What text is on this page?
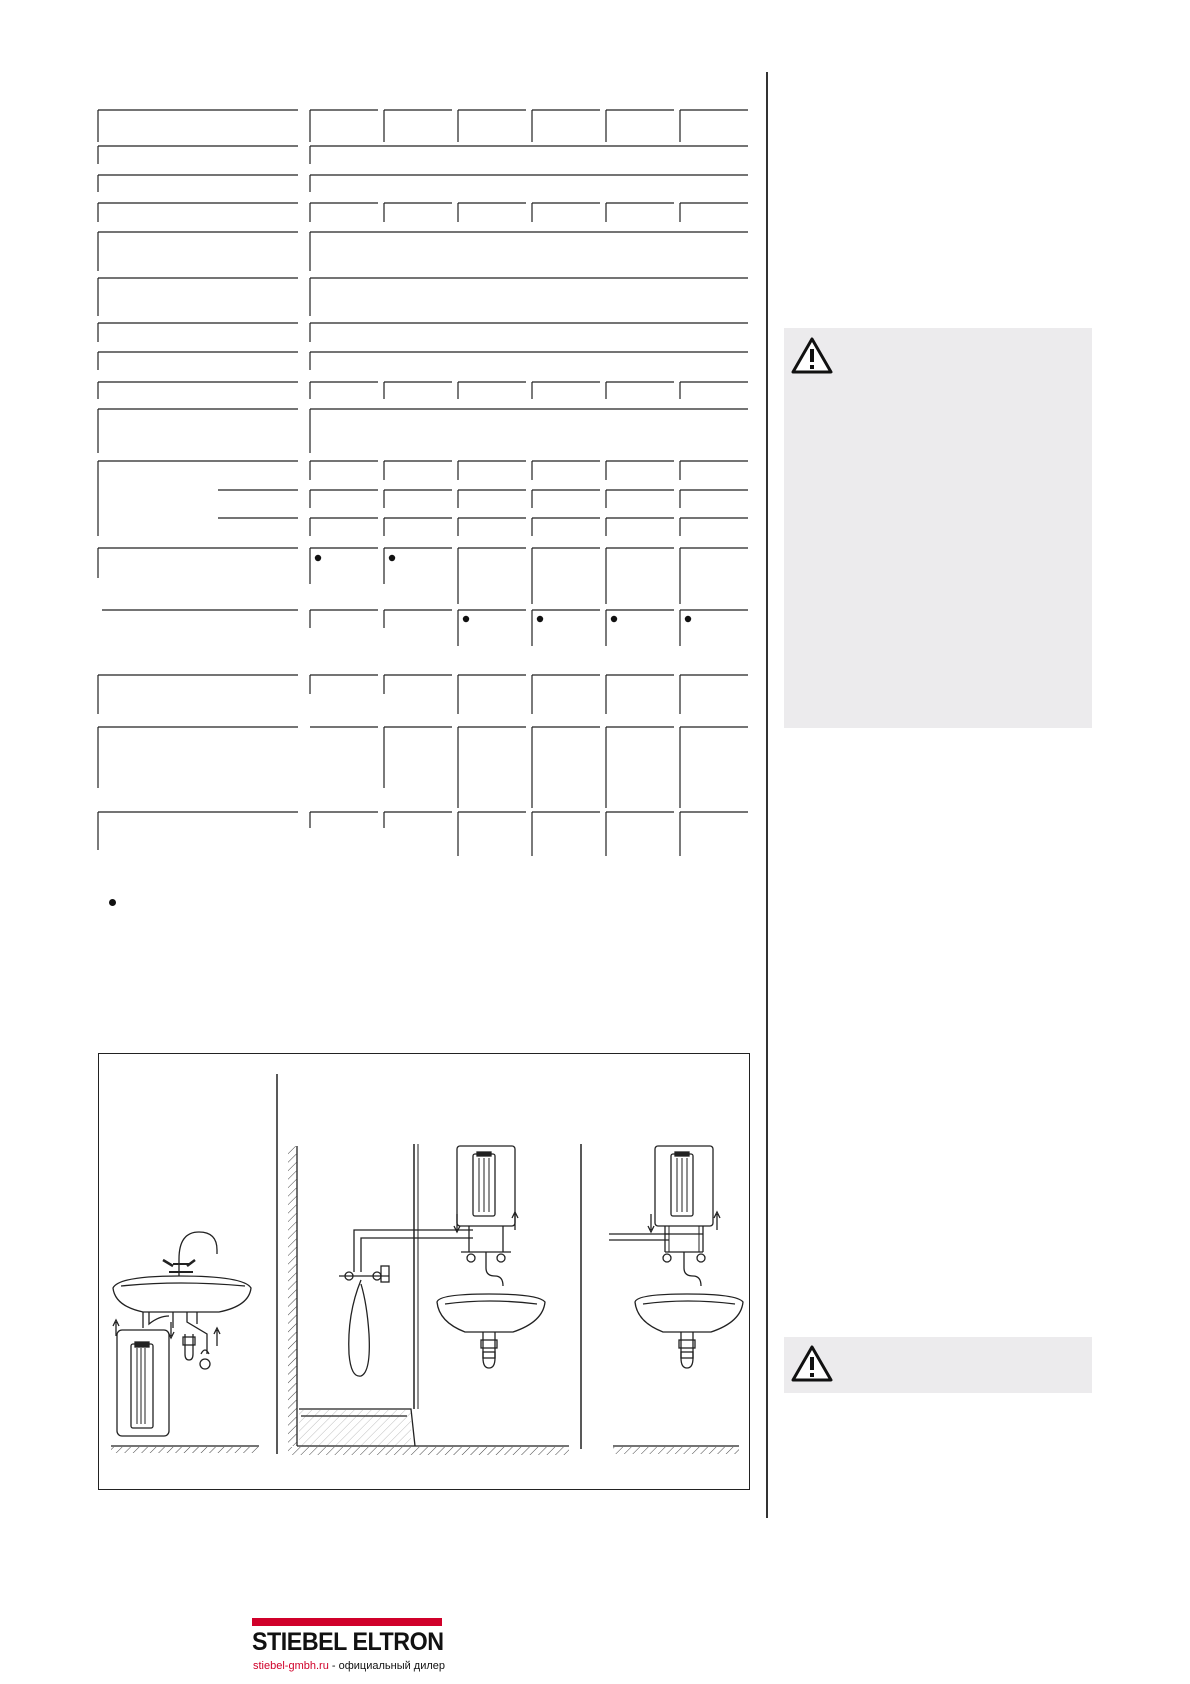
STIEBEL ELTRON
stiebel-gmbh.ru - официальный дилер
